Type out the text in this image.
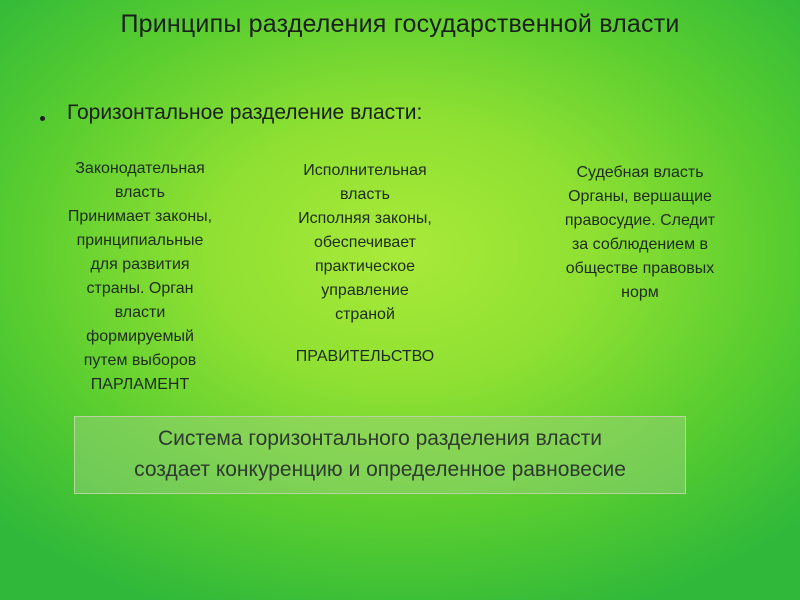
Принципы разделения государственной власти
Горизонтальное разделение власти:
Законодательная
власть
Принимает законы,
принципиальные
для развития
страны. Орган
власти
формируемый
путем выборов
ПАРЛАМЕНТ
Исполнительная
власть
Исполняя законы,
обеспечивает
практическое
управление
страной
ПРАВИТЕЛЬСТВО
Судебная власть
Органы, вершащие
правосудие. Следит
за соблюдением в
обществе правовых
норм
Система горизонтального разделения власти
создает конкуренцию и определенное равновесие
